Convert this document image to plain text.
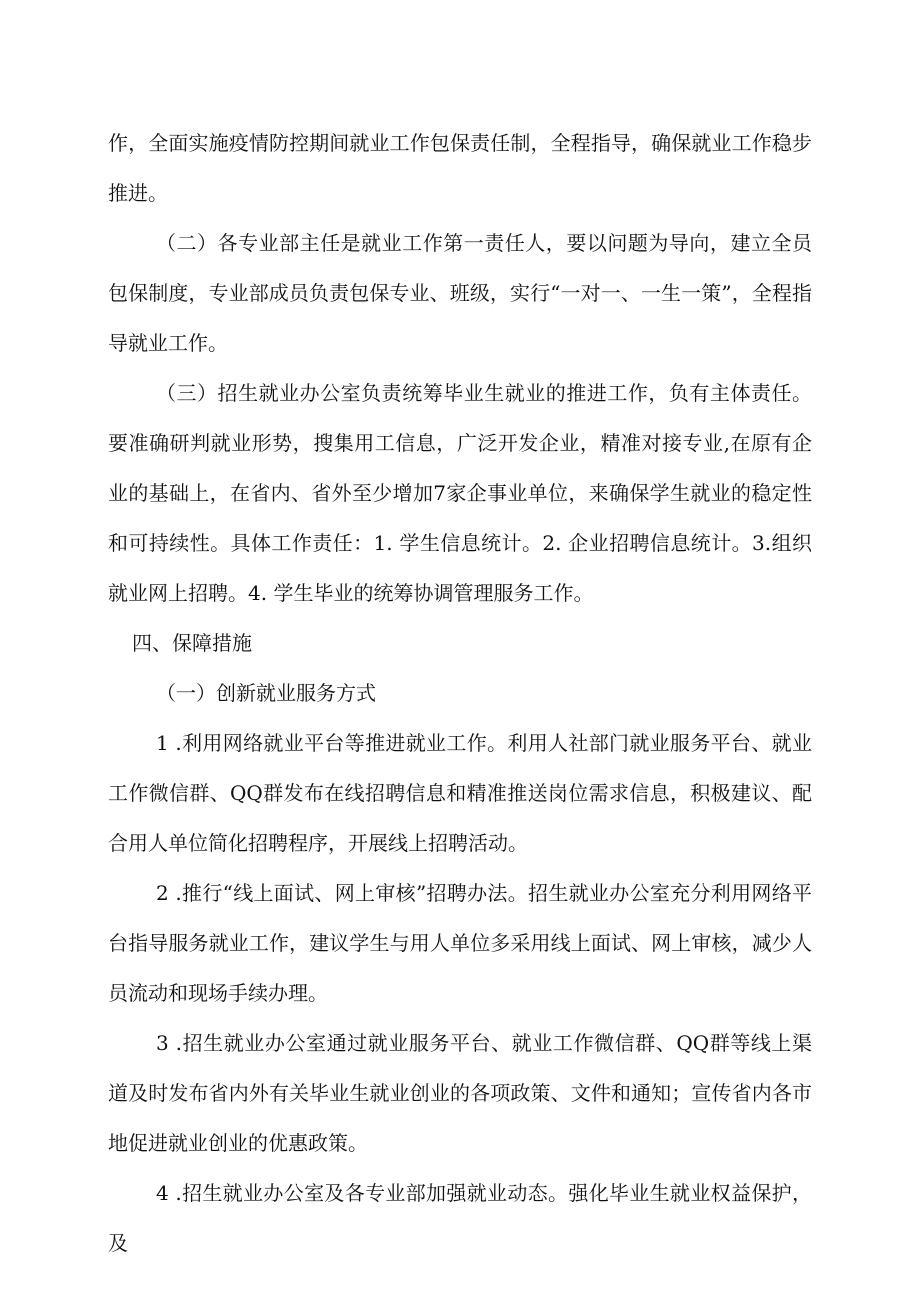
作，全面实施疫情防控期间就业工作包保责任制，全程指导，确保就业工作稳步推进。

（二）各专业部主任是就业工作第一责任人，要以问题为导向，建立全员包保制度，专业部成员负责包保专业、班级，实行“一对一、一生一策”，全程指导就业工作。

（三）招生就业办公室负责统筹毕业生就业的推进工作，负有主体责任。要准确研判就业形势，搜集用工信息，广泛开发企业，精准对接专业,在原有企业的基础上，在省内、省外至少增加7家企事业单位，来确保学生就业的稳定性和可持续性。具体工作责任：1. 学生信息统计。2. 企业招聘信息统计。3.组织就业网上招聘。4. 学生毕业的统筹协调管理服务工作。

四、保障措施

（一）创新就业服务方式

1 .利用网络就业平台等推进就业工作。利用人社部门就业服务平台、就业工作微信群、QQ群发布在线招聘信息和精准推送岗位需求信息，积极建议、配合用人单位简化招聘程序，开展线上招聘活动。

2 .推行“线上面试、网上审核”招聘办法。招生就业办公室充分利用网络平台指导服务就业工作，建议学生与用人单位多采用线上面试、网上审核，减少人员流动和现场手续办理。

3 .招生就业办公室通过就业服务平台、就业工作微信群、QQ群等线上渠道及时发布省内外有关毕业生就业创业的各项政策、文件和通知；宣传省内各市地促进就业创业的优惠政策。

4 .招生就业办公室及各专业部加强就业动态。强化毕业生就业权益保护，及
